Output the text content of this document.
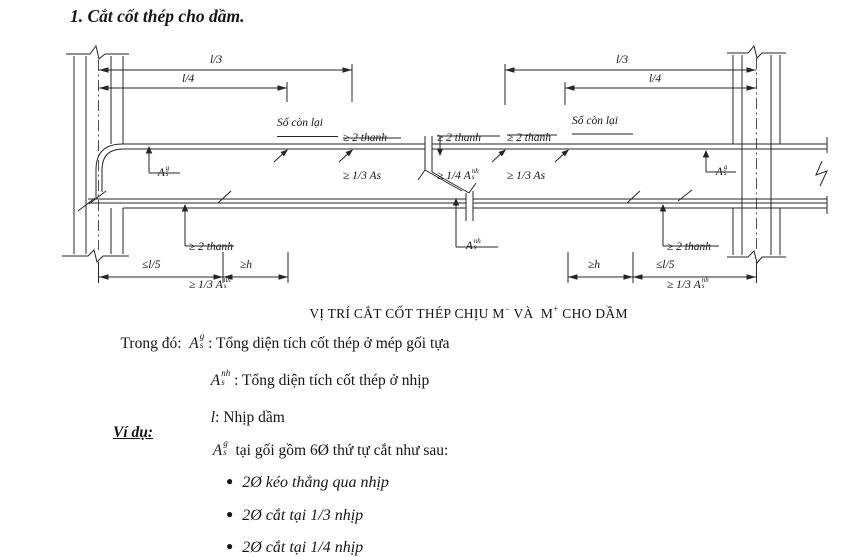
1. Cắt cốt thép cho dầm.
l/3
l/4
l/3
l/4
Số còn lại	Số còn lại

≥ 2 thanh

≥ 1/3 As

≥ 2 thanh

≥ 1/4 A nh
s

≥ 2 thanh

≥ 1/3 As

A g
s

	A g
s

A nh
s

≥ 2 thanh

≥ 1/3 A nh
s

≥ 2 thanh

≥ 1/3 A nh
s

≤l/5	≥h	≥h	≤l/5

VỊ TRÍ CẮT CỐT THÉP CHỊU M− VÀ  M+ CHO DẦM

Trong đó: A g
s : Tổng diện tích cốt thép ở mép gối tựa

A nh
s : Tổng diện tích cốt thép ở nhịp

l: Nhịp dầm

Ví dụ:

A g
s tại gối gồm 6Ø thứ tự cắt như sau:

● 2Ø kéo thẳng qua nhịp

● 2Ø cắt tại 1/3 nhịp

● 2Ø cắt tại 1/4 nhịp
